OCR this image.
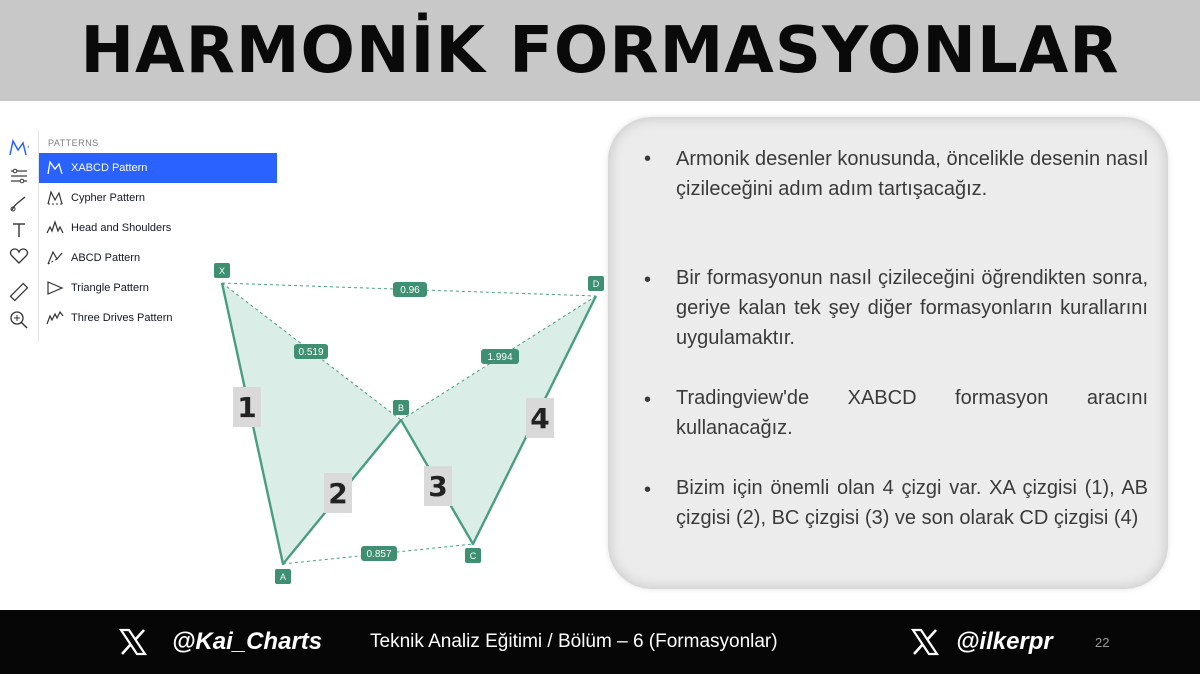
HARMONİK FORMASYONLAR
‹ PATTERNS
XABCD Pattern
Cypher Pattern
Head and Shoulders
ABCD Pattern
Triangle Pattern
Three Drives Pattern
0.519
0.96
1.994
0.857
X
A
B
C
D
1
2	3
4
•	Armonik desenler konusunda, öncelikle desenin nasıl çizileceğini adım adım tartışacağız.
•	Bir formasyonun nasıl çizileceğini öğrendikten sonra, geriye kalan tek şey diğer formasyonların kurallarını uygulamaktır.
•	Tradingview'de XABCD formasyon aracını kullanacağız.
•	Bizim için önemli olan 4 çizgi var. XA çizgisi (1), AB çizgisi (2), BC çizgisi (3) ve son olarak CD çizgisi (4)
@Kai_Charts	Teknik Analiz Eğitimi / Bölüm – 6 (Formasyonlar)	@ilkerpr	22
